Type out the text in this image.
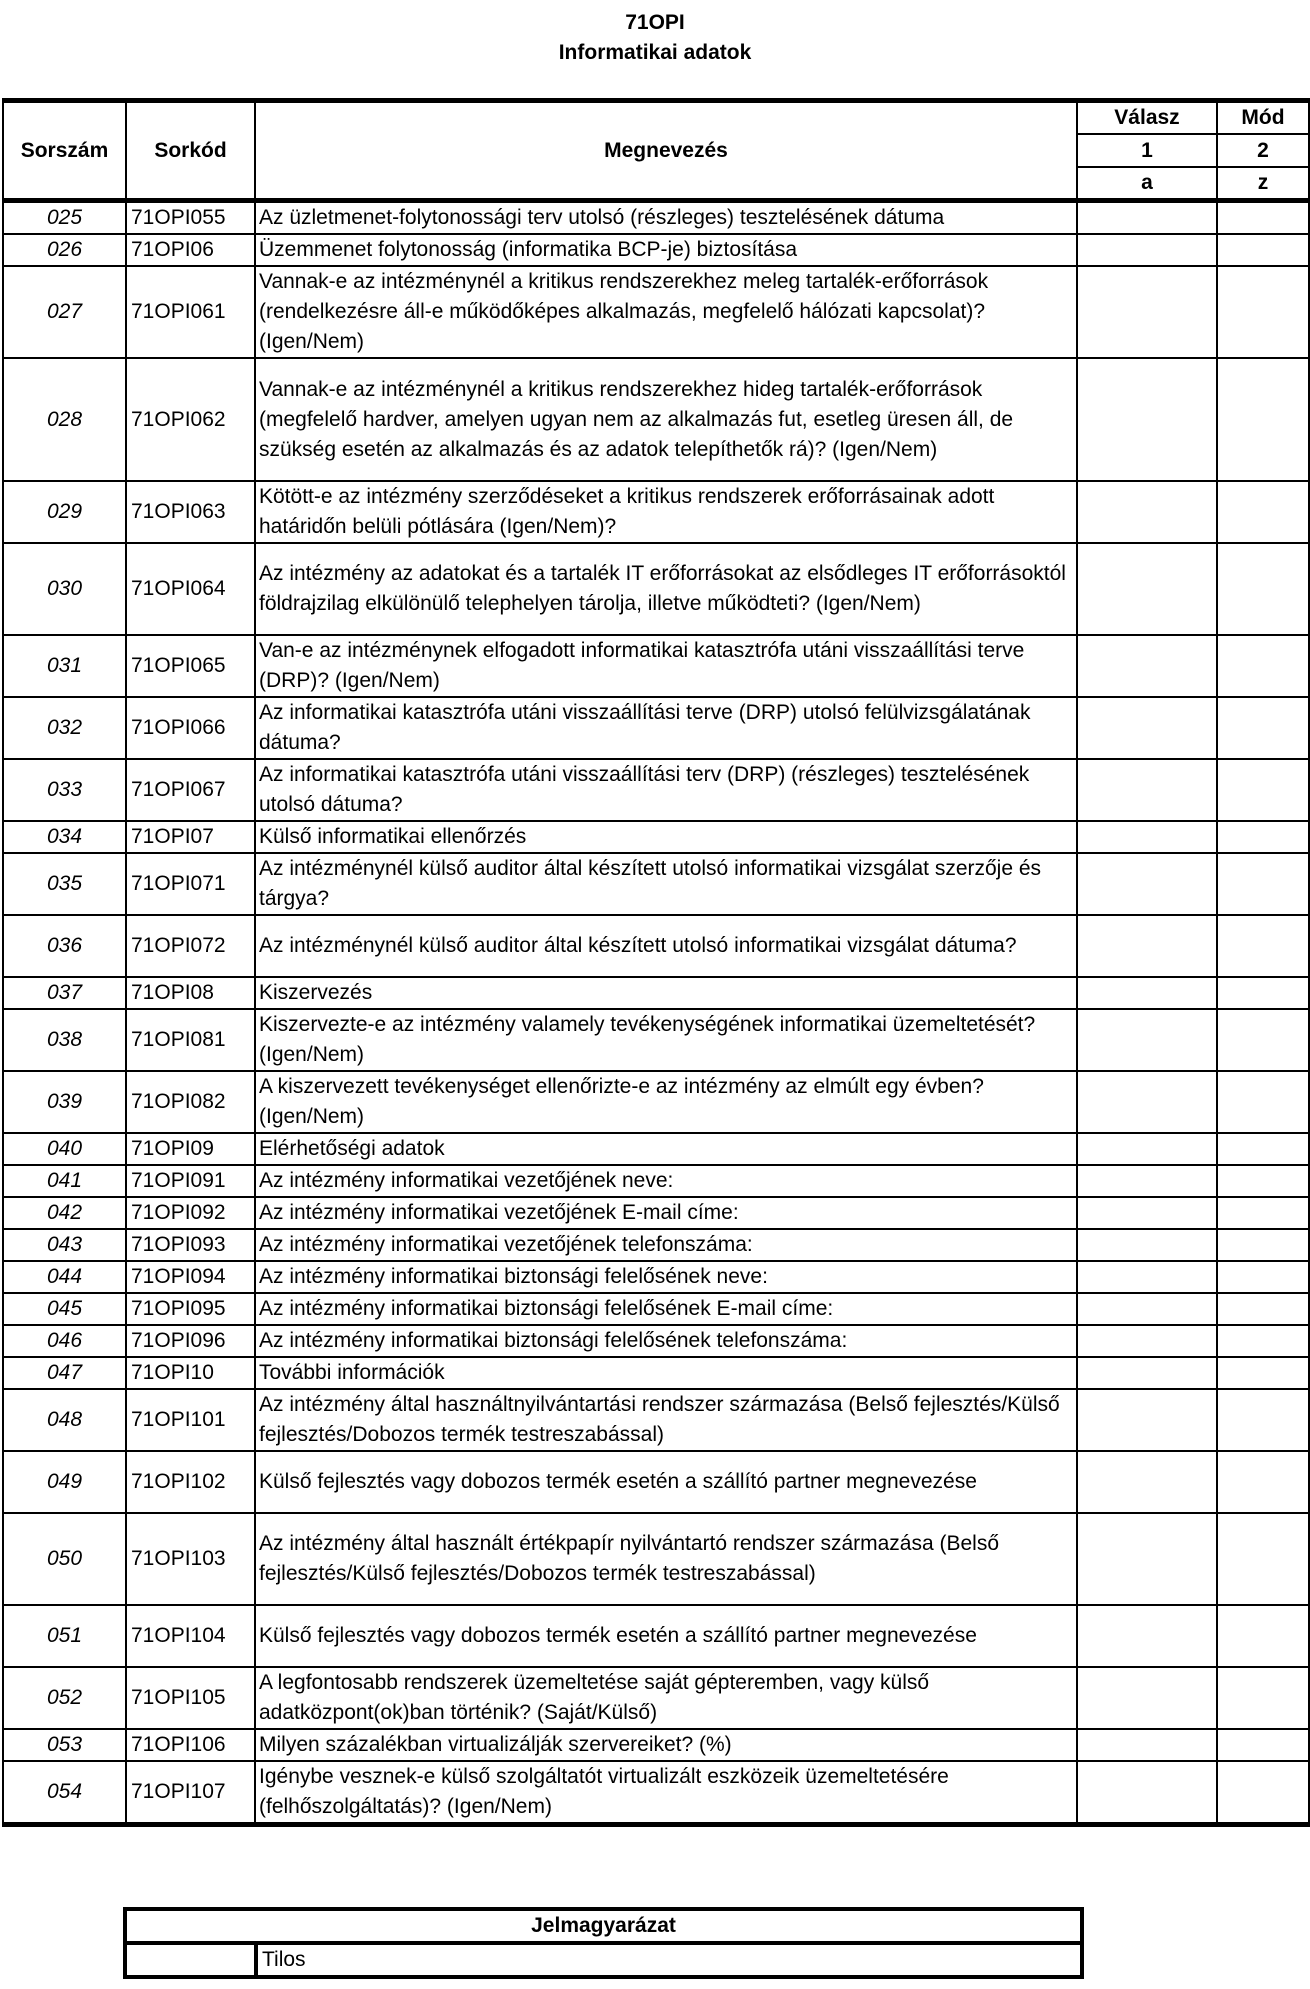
71OPI
Informatikai adatok
Sorszám	Sorkód	Megnevezés	Válasz	Mód
			1	2
			a	z
025	71OPI055	Az üzletmenet-folytonossági terv utolsó (részleges) tesztelésének dátuma		
026	71OPI06	Üzemmenet folytonosság (informatika BCP-je) biztosítása		
027	71OPI061	Vannak-e az intézménynél a kritikus rendszerekhez meleg tartalék-erőforrások (rendelkezésre áll-e működőképes alkalmazás, megfelelő hálózati kapcsolat)? (Igen/Nem)		
028	71OPI062	Vannak-e az intézménynél a kritikus rendszerekhez hideg tartalék-erőforrások (megfelelő hardver, amelyen ugyan nem az alkalmazás fut, esetleg üresen áll, de szükség esetén az alkalmazás és az adatok telepíthetők rá)? (Igen/Nem)		
029	71OPI063	Kötött-e az intézmény szerződéseket a kritikus rendszerek erőforrásainak adott határidőn belüli pótlására (Igen/Nem)?		
030	71OPI064	Az intézmény az adatokat és a tartalék IT erőforrásokat az elsődleges IT erőforrásoktól földrajzilag elkülönülő telephelyen tárolja, illetve működteti? (Igen/Nem)		
031	71OPI065	Van-e az intézménynek elfogadott informatikai katasztrófa utáni visszaállítási terve (DRP)? (Igen/Nem)		
032	71OPI066	Az informatikai katasztrófa utáni visszaállítási terve (DRP) utolsó felülvizsgálatának dátuma?		
033	71OPI067	Az informatikai katasztrófa utáni visszaállítási terv (DRP) (részleges) tesztelésének utolsó dátuma?		
034	71OPI07	Külső informatikai ellenőrzés		
035	71OPI071	Az intézménynél külső auditor által készített utolsó informatikai vizsgálat szerzője és tárgya?		
036	71OPI072	Az intézménynél külső auditor által készített utolsó informatikai vizsgálat dátuma?		
037	71OPI08	Kiszervezés		
038	71OPI081	Kiszervezte-e az intézmény valamely tevékenységének informatikai üzemeltetését? (Igen/Nem)		
039	71OPI082	A kiszervezett tevékenységet ellenőrizte-e az intézmény az elmúlt egy évben? (Igen/Nem)		
040	71OPI09	Elérhetőségi adatok		
041	71OPI091	Az intézmény informatikai vezetőjének neve:		
042	71OPI092	Az intézmény informatikai vezetőjének E-mail címe:		
043	71OPI093	Az intézmény informatikai vezetőjének telefonszáma:		
044	71OPI094	Az intézmény informatikai biztonsági felelősének neve:		
045	71OPI095	Az intézmény informatikai biztonsági felelősének E-mail címe:		
046	71OPI096	Az intézmény informatikai biztonsági felelősének telefonszáma:		
047	71OPI10	További információk		
048	71OPI101	Az intézmény által használtnyilvántartási rendszer származása (Belső fejlesztés/Külső fejlesztés/Dobozos termék testreszabással)		
049	71OPI102	Külső fejlesztés vagy dobozos termék esetén a szállító partner megnevezése		
050	71OPI103	Az intézmény által használt értékpapír nyilvántartó rendszer származása (Belső fejlesztés/Külső fejlesztés/Dobozos termék testreszabással)		
051	71OPI104	Külső fejlesztés vagy dobozos termék esetén a szállító partner megnevezése		
052	71OPI105	A legfontosabb rendszerek üzemeltetése saját gépteremben, vagy külső adatközpont(ok)ban történik? (Saját/Külső)		
053	71OPI106	Milyen százalékban virtualizálják szervereiket? (%)		
054	71OPI107	Igénybe vesznek-e külső szolgáltatót virtualizált eszközeik üzemeltetésére (felhőszolgáltatás)? (Igen/Nem)		
Jelmagyarázat
	Tilos
